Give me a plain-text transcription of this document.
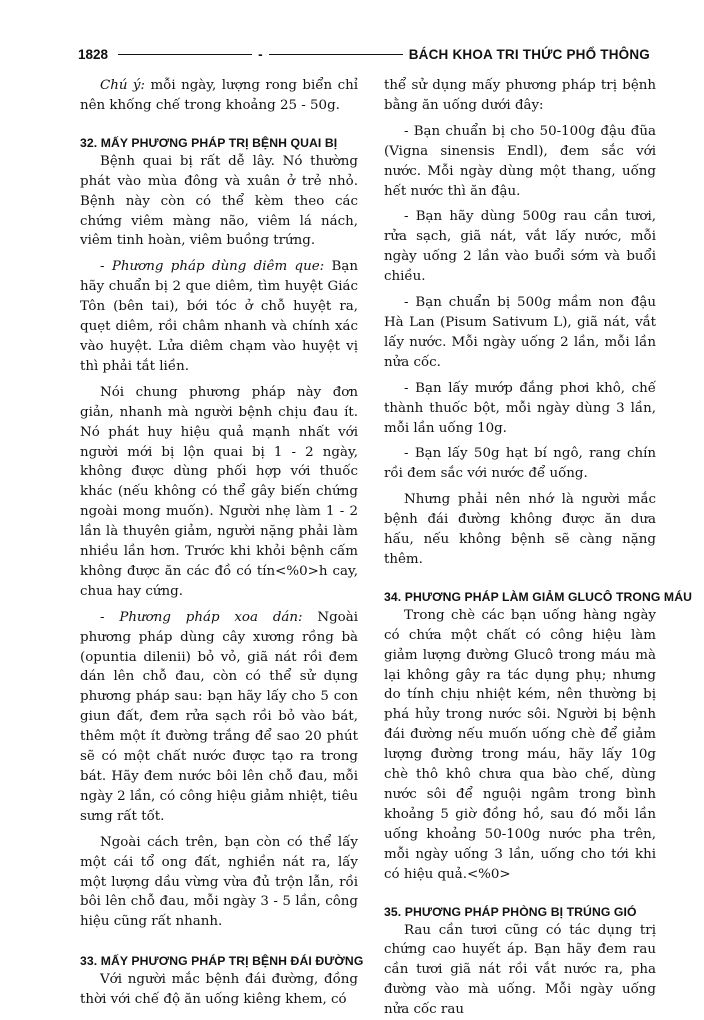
1828	-	BÁCH KHOA TRI THỨC PHỔ THÔNG

Chú ý: mỗi ngày, lượng rong biển chỉ nên khống chế trong khoảng 25 - 50g.

32. MẤY PHƯƠNG PHÁP TRỊ BỆNH QUAI BỊ

Bệnh quai bị rất dễ lây. Nó thường phát vào mùa đông và xuân ở trẻ nhỏ. Bệnh này còn có thể kèm theo các chứng viêm màng não, viêm lá nách, viêm tinh hoàn, viêm buồng trứng.

- Phương pháp dùng diêm que: Bạn hãy chuẩn bị 2 que diêm, tìm huyệt Giác Tôn (bên tai), bới tóc ở chỗ huyệt ra, quẹt diêm, rồi châm nhanh và chính xác vào huyệt. Lửa diêm chạm vào huyệt vị thì phải tắt liền.

Nói chung phương pháp này đơn giản, nhanh mà người bệnh chịu đau ít. Nó phát huy hiệu quả mạnh nhất với người mới bị lộn quai bị 1 - 2 ngày, không được dùng phối hợp với thuốc khác (nếu không có thể gây biến chứng ngoài mong muốn). Người nhẹ làm 1 - 2 lần là thuyên giảm, người nặng phải làm nhiều lần hơn. Trước khi khỏi bệnh cấm không được ăn các đồ có tín<%0>h cay, chua hay cứng.

- Phương pháp xoa dán: Ngoài phương pháp dùng cây xương rồng bà (opuntia dilenii) bỏ vỏ, giã nát rồi đem dán lên chỗ đau, còn có thể sử dụng phương pháp sau: bạn hãy lấy cho 5 con giun đất, đem rửa sạch rồi bỏ vào bát, thêm một ít đường trắng để sao 20 phút sẽ có một chất nước được tạo ra trong bát. Hãy đem nước bôi lên chỗ đau, mỗi ngày 2 lần, có công hiệu giảm nhiệt, tiêu sưng rất tốt.

Ngoài cách trên, bạn còn có thể lấy một cái tổ ong đất, nghiền nát ra, lấy một lượng dầu vừng vừa đủ trộn lẫn, rồi bôi lên chỗ đau, mỗi ngày 3 - 5 lần, công hiệu cũng rất nhanh.

33. MẤY PHƯƠNG PHÁP TRỊ BỆNH ĐÁI ĐƯỜNG

Với người mắc bệnh đái đường, đồng thời với chế độ ăn uống kiêng khem, có

thể sử dụng mấy phương pháp trị bệnh bằng ăn uống dưới đây:

- Bạn chuẩn bị cho 50-100g đậu đũa (Vigna sinensis Endl), đem sắc với nước. Mỗi ngày dùng một thang, uống hết nước thì ăn đậu.

- Bạn hãy dùng 500g rau cần tươi, rửa sạch, giã nát, vắt lấy nước, mỗi ngày uống 2 lần vào buổi sớm và buổi chiều.

- Bạn chuẩn bị 500g mầm non đậu Hà Lan (Pisum Sativum L), giã nát, vắt lấy nước. Mỗi ngày uống 2 lần, mỗi lần nửa cốc.

- Bạn lấy mướp đắng phơi khô, chế thành thuốc bột, mỗi ngày dùng 3 lần, mỗi lần uống 10g.

- Bạn lấy 50g hạt bí ngô, rang chín rồi đem sắc với nước để uống.

Nhưng phải nên nhớ là người mắc bệnh đái đường không được ăn dưa hấu, nếu không bệnh sẽ càng nặng thêm.

34. PHƯƠNG PHÁP LÀM GIẢM GLUCÔ TRONG MÁU

Trong chè các bạn uống hàng ngày có chứa một chất có công hiệu làm giảm lượng đường Glucô trong máu mà lại không gây ra tác dụng phụ; nhưng do tính chịu nhiệt kém, nên thường bị phá hủy trong nước sôi. Người bị bệnh đái đường nếu muốn uống chè để giảm lượng đường trong máu, hãy lấy 10g chè thô khô chưa qua bào chế, dùng nước sôi để nguội ngâm trong bình khoảng 5 giờ đồng hồ, sau đó mỗi lần uống khoảng 50-100g nước pha trên, mỗi ngày uống 3 lần, uống cho tới khi có hiệu quả.<%0>

35. PHƯƠNG PHÁP PHÒNG BỊ TRÚNG GIÓ

Rau cần tươi cũng có tác dụng trị chứng cao huyết áp. Bạn hãy đem rau cần tươi giã nát rồi vắt nước ra, pha đường vào mà uống. Mỗi ngày uống nửa cốc rau
